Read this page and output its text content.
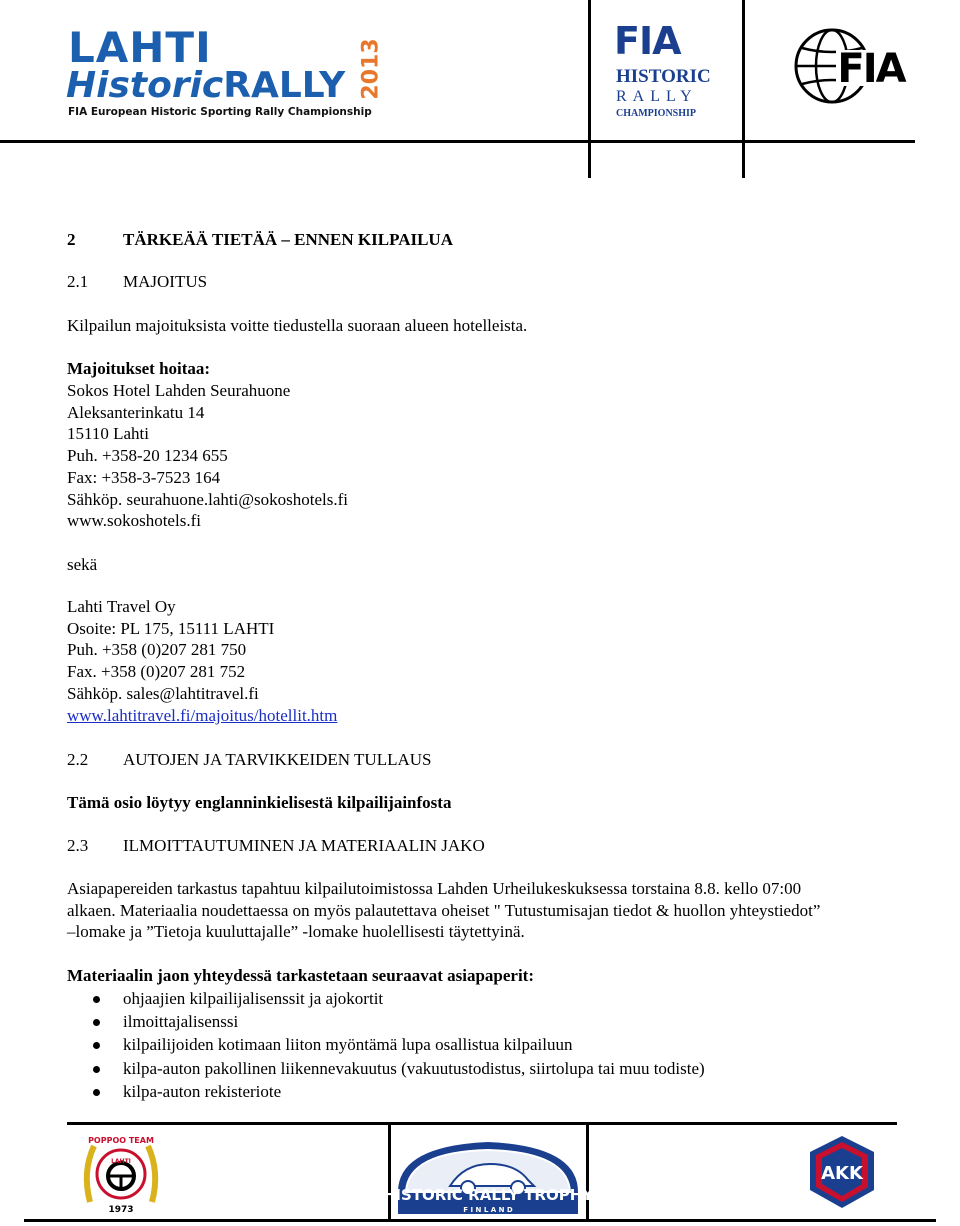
LAHTI
HistoricRALLY 2013
FIA European Historic Sporting Rally Championship
FIA
HISTORIC
RALLY
CHAMPIONSHIP
FIA
2	TÄRKEÄÄ TIETÄÄ – ENNEN KILPAILUA
2.1 MAJOITUS
Kilpailun majoituksista voitte tiedustella suoraan alueen hotelleista.
Majoitukset hoitaa:
Sokos Hotel Lahden Seurahuone
Aleksanterinkatu 14
15110 Lahti
Puh. +358-20 1234 655
Fax: +358-3-7523 164
Sähköp. seurahuone.lahti@sokoshotels.fi
www.sokoshotels.fi
sekä
Lahti Travel Oy
Osoite: PL 175, 15111 LAHTI
Puh. +358 (0)207 281 750
Fax. +358 (0)207 281 752
Sähköp. sales@lahtitravel.fi
www.lahtitravel.fi/majoitus/hotellit.htm
2.2 AUTOJEN JA TARVIKKEIDEN TULLAUS
Tämä osio löytyy englanninkielisestä kilpailijainfosta
2.3 ILMOITTAUTUMINEN JA MATERIAALIN JAKO
Asiapapereiden tarkastus tapahtuu kilpailutoimistossa Lahden Urheilukeskuksessa torstaina 8.8. kello 07:00
alkaen. Materiaalia noudettaessa on myös palautettava oheiset " Tutustumisajan tiedot & huollon yhteystiedot”
–lomake ja ”Tietoja kuuluttajalle” -lomake huolellisesti täytettyinä.
Materiaalin jaon yhteydessä tarkastetaan seuraavat asiapaperit:
ohjaajien kilpailijalisenssit ja ajokortit
ilmoittajalisenssi
kilpailijoiden kotimaan liiton myöntämä lupa osallistua kilpailuun
kilpa-auton pakollinen liikennevakuutus (vakuutustodistus, siirtolupa tai muu todiste)
kilpa-auton rekisteriote
POPPOO TEAM
LAHTI
1973
HISTORIC RALLY TROPHY
F I N L A N D
AKK
